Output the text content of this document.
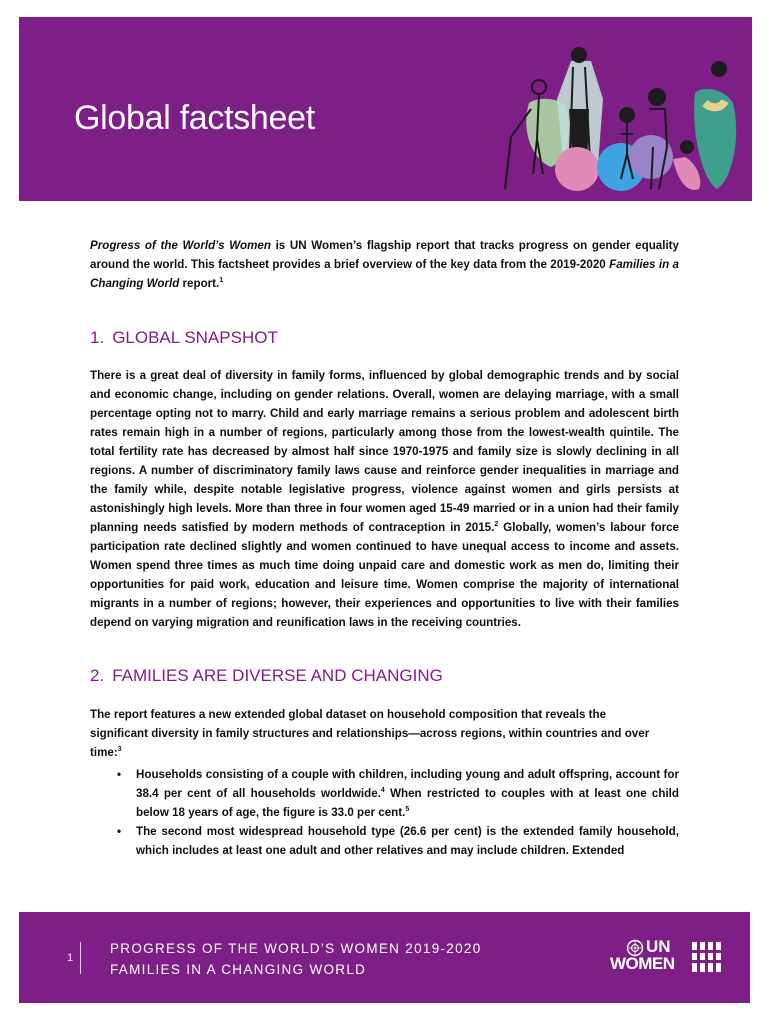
Global factsheet

Progress of the World’s Women is UN Women’s flagship report that tracks progress on gender equality around the world. This factsheet provides a brief overview of the key data from the 2019-2020 Families in a Changing World report.$^1$

1. GLOBAL SNAPSHOT

There is a great deal of diversity in family forms, influenced by global demographic trends and by social and economic change, including on gender relations. Overall, women are delaying marriage, with a small percentage opting not to marry. Child and early marriage remains a serious problem and adolescent birth rates remain high in a number of regions, particularly among those from the lowest-wealth quintile. The total fertility rate has decreased by almost half since 1970-1975 and family size is slowly declining in all regions. A number of discriminatory family laws cause and reinforce gender inequalities in marriage and the family while, despite notable legislative progress, violence against women and girls persists at astonishingly high levels. More than three in four women aged 15-49 married or in a union had their family planning needs satisfied by modern methods of contraception in 2015.$^2$ Globally, women’s labour force participation rate declined slightly and women continued to have unequal access to income and assets. Women spend three times as much time doing unpaid care and domestic work as men do, limiting their opportunities for paid work, education and leisure time. Women comprise the majority of international migrants in a number of regions; however, their experiences and opportunities to live with their families depend on varying migration and reunification laws in the receiving countries.

2. FAMILIES ARE DIVERSE AND CHANGING

The report features a new extended global dataset on household composition that reveals the significant diversity in family structures and relationships—across regions, within countries and over time:$^3$

• Households consisting of a couple with children, including young and adult offspring, account for 38.4 per cent of all households worldwide.$^4$ When restricted to couples with at least one child below 18 years of age, the figure is 33.0 per cent.$^5$
• The second most widespread household type (26.6 per cent) is the extended family household, which includes at least one adult and other relatives and may include children. Extended
1

PROGRESS OF THE WORLD’S WOMEN 2019-2020

FAMILIES IN A CHANGING WORLD

UN
WOMEN
